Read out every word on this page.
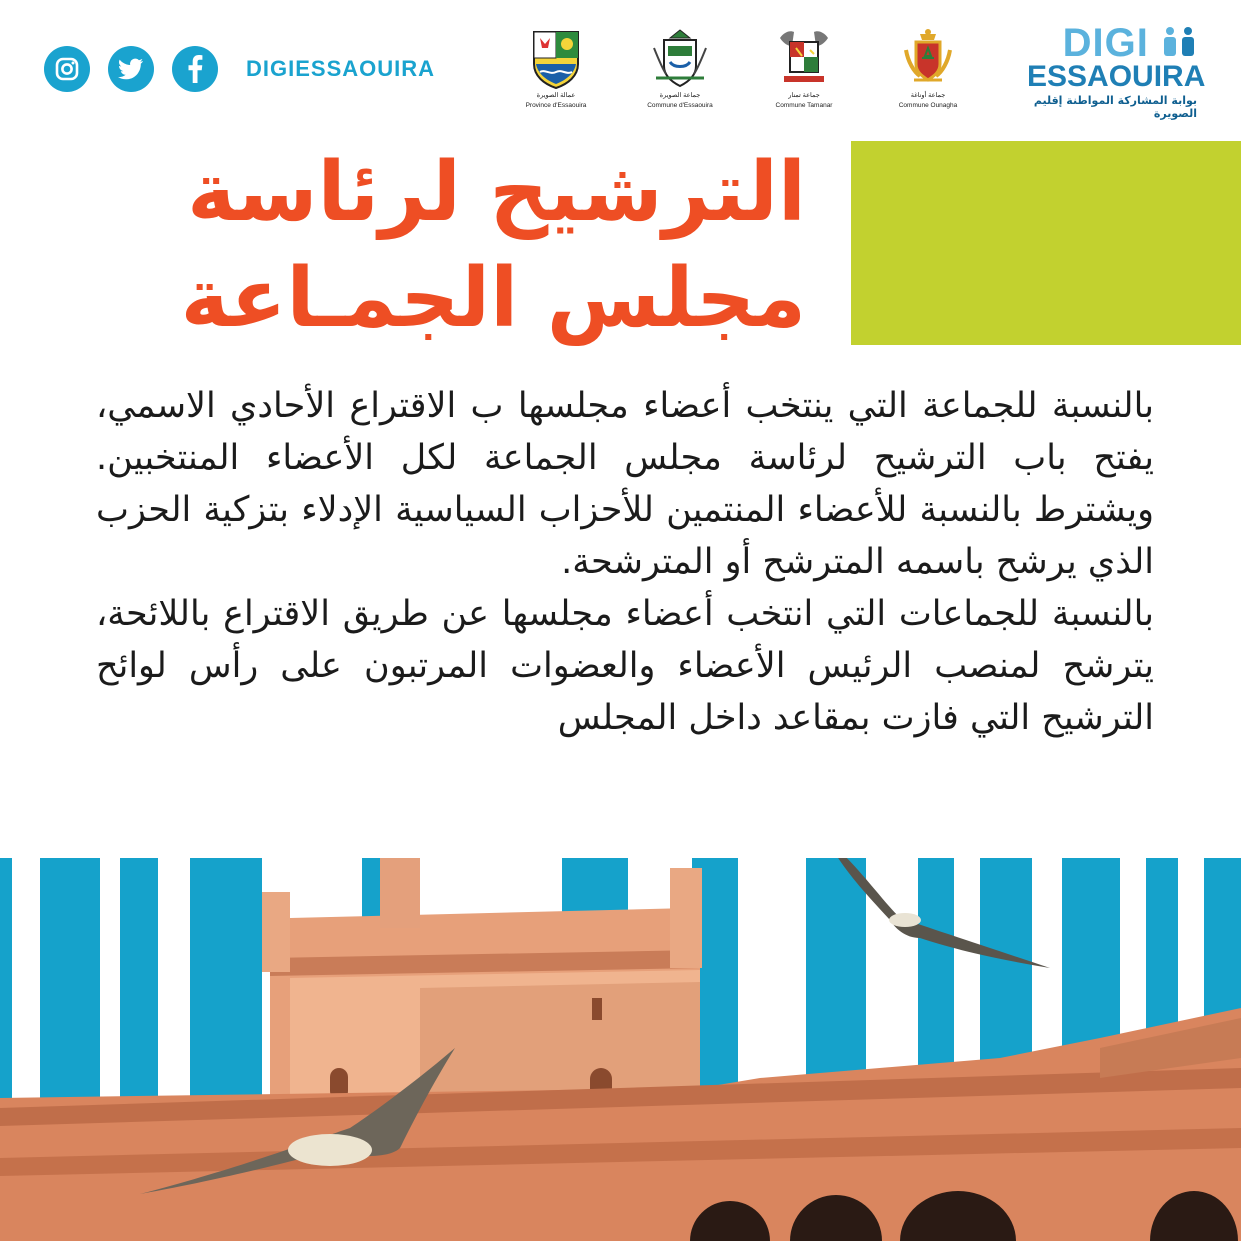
DIGIESSAOUIRA
عمالة الصويرة
Province d'Essaouira
جماعة الصويرة
Commune d'Essaouira
جماعة تمنار
Commune Tamanar
جماعة أوناغة
Commune Ounagha
DIGI
ESSAOUIRA
بوابة المشاركة المواطنة إقليم الصويرة
الترشيح لرئاسة
مجلس الجمـاعة

بالنسبة للجماعة التي ينتخب أعضاء مجلسها ب الاقتراع الأحادي الاسمي، يفتح باب الترشيح لرئاسة مجلس الجماعة لكل الأعضاء المنتخبين. ويشترط بالنسبة للأعضاء المنتمين للأحزاب السياسية الإدلاء بتزكية الحزب الذي يرشح باسمه المترشح أو المترشحة.

بالنسبة للجماعات التي انتخب أعضاء مجلسها عن طريق الاقتراع باللائحة، يترشح لمنصب الرئيس الأعضاء والعضوات المرتبون على رأس لوائح الترشيح التي فازت بمقاعد داخل المجلس
